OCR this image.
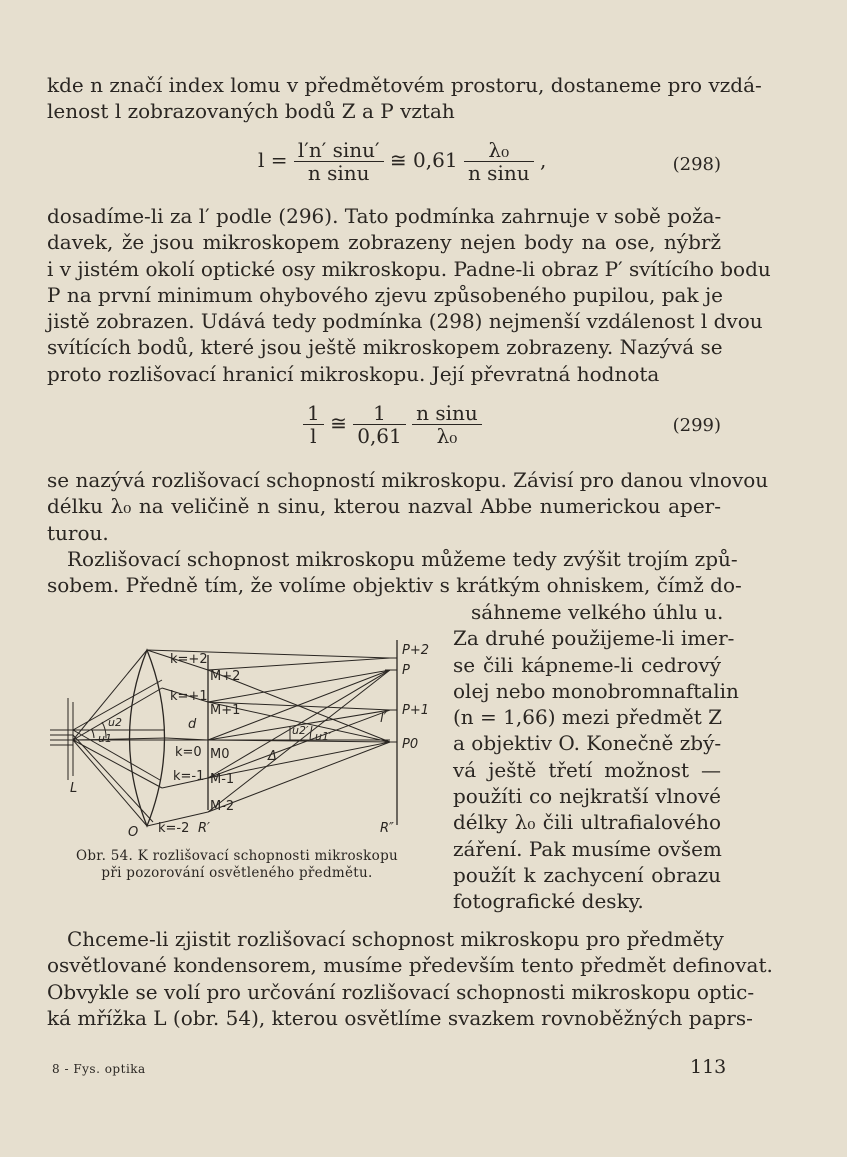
kde n značí index lomu v předmětovém prostoru, dostaneme pro vzdá-
lenost l zobrazovaných bodů Z a P vztah

$l = \frac{l'n' \sin u'}{\text{n sinu}}$ ≅ $0,61 \frac{\text{λ₀}}{\text{n sinu}}$ ,	(298)

dosadíme-li za l′ podle (296). Tato podmínka zahrnuje v sobě poža-
davek, že jsou mikroskopem zobrazeny nejen body na ose, nýbrž
i v jistém okolí optické osy mikroskopu. Padne-li obraz P′ svítícího bodu
P na první minimum ohybového zjevu způsobeného pupilou, pak je
jistě zobrazen. Udává tedy podmínka (298) nejmenší vzdálenost l dvou
svítících bodů, které jsou ještě mikroskopem zobrazeny. Nazývá se
proto rozlišovací hranicí mikroskopu. Její převratná hodnota

$\frac{1}{l}$ ≅ $\frac{1}{0,61}$
$\frac{\text{n sinu}}{\text{λ₀}}$	(299)

se nazývá rozlišovací schopností mikroskopu. Závisí pro danou vlnovou
délku λ₀ na veličině n sinu, kterou nazval Abbe numerickou aper-
turou.

Rozlišovací schopnost mikroskopu můžeme tedy zvýšit trojím způ-
sobem. Předně tím, že volíme objektiv s krátkým ohniskem, čímž do-

sáhneme velkého úhlu u.
Za druhé použijeme-li imer-
se čili kápneme-li cedrový
olej nebo monobromnaftalin
(n = 1,66) mezi předmět Z
a objektiv O. Konečně zbý-
vá ještě třetí možnost —
použíti co nejkratší vlnové
délky λ₀ čili ultrafialového
záření. Pak musíme ovšem
použít k zachycení obrazu
fotografické desky.

k=+2
k=+1
k=0
k=-1
k=-2
M+2
M+1
M0
M-1
M-2
d
Δ
u2
u1
u2′ u1′
L
O	R′	R″
P+2
P
P+1
l′
P0
Obr. 54. K rozlišovací schopnosti mikroskopu
při pozorování osvětleného předmětu.

Chceme-li zjistit rozlišovací schopnost mikroskopu pro předměty
osvětlované kondensorem, musíme především tento předmět definovat.
Obvykle se volí pro určování rozlišovací schopnosti mikroskopu optic-
ká mřížka L (obr. 54), kterou osvětlíme svazkem rovnoběžných paprs-

8 - Fys. optika	113
